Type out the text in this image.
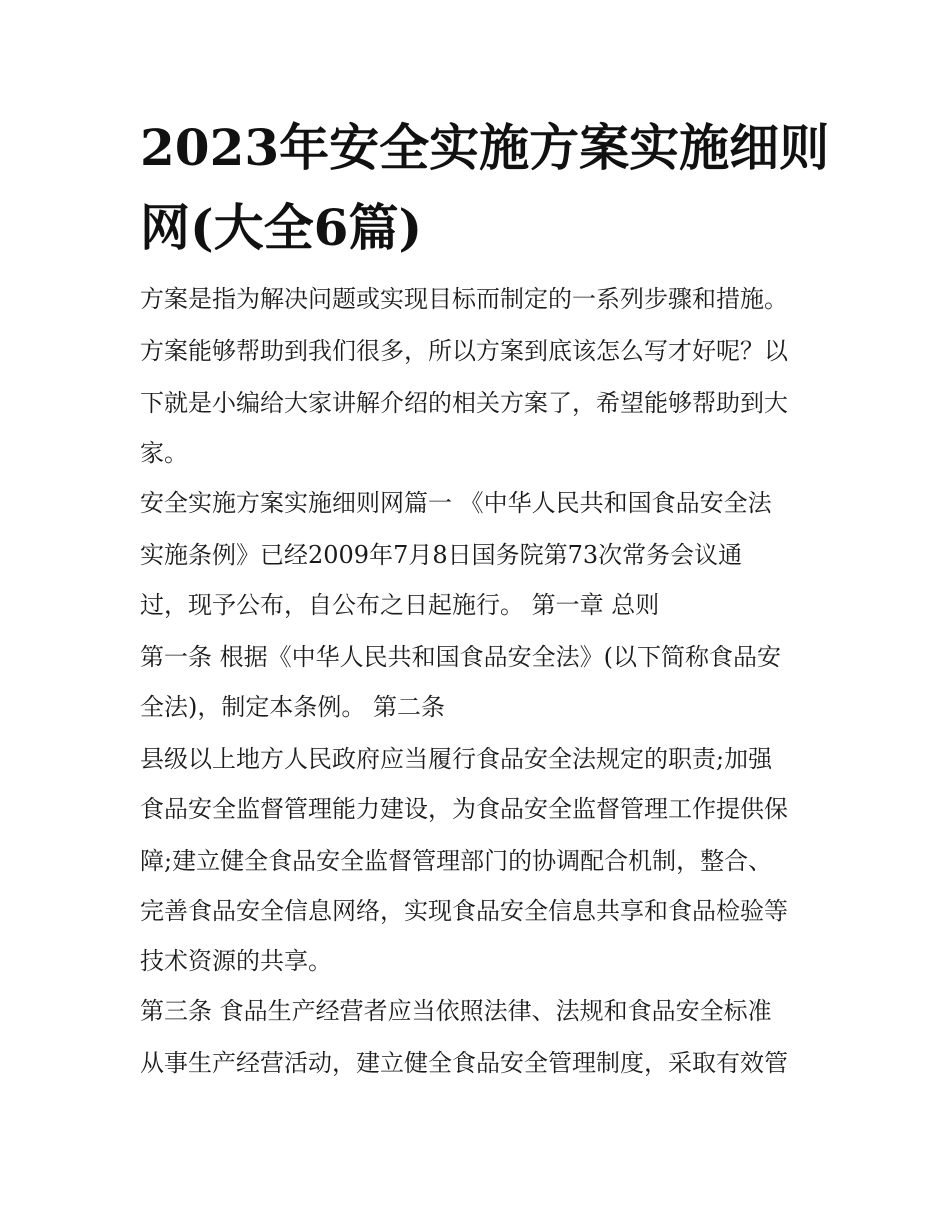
2023年安全实施方案实施细则
网(大全6篇)
方案是指为解决问题或实现目标而制定的一系列步骤和措施。
方案能够帮助到我们很多，所以方案到底该怎么写才好呢？以
下就是小编给大家讲解介绍的相关方案了，希望能够帮助到大
家。
安全实施方案实施细则网篇一 《中华人民共和国食品安全法
实施条例》已经2009年7月8日国务院第73次常务会议通
过，现予公布，自公布之日起施行。 第一章 总则
第一条 根据《中华人民共和国食品安全法》(以下简称食品安
全法)，制定本条例。 第二条
县级以上地方人民政府应当履行食品安全法规定的职责;加强
食品安全监督管理能力建设，为食品安全监督管理工作提供保
障;建立健全食品安全监督管理部门的协调配合机制，整合、
完善食品安全信息网络，实现食品安全信息共享和食品检验等
技术资源的共享。
第三条 食品生产经营者应当依照法律、法规和食品安全标准
从事生产经营活动，建立健全食品安全管理制度，采取有效管
